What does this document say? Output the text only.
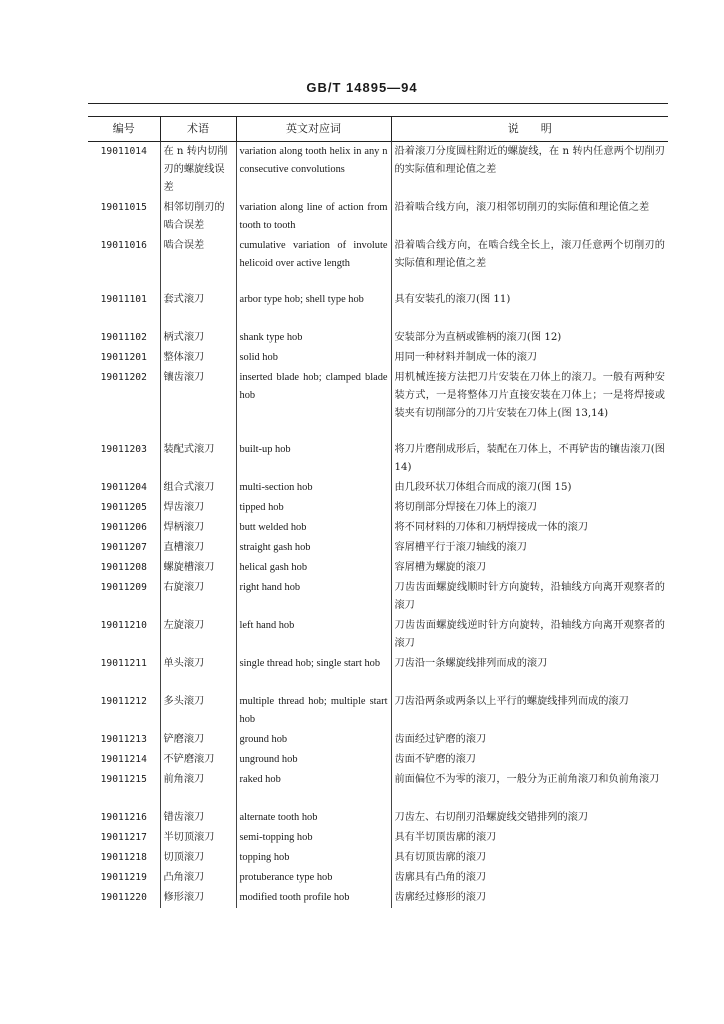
GB/T 14895—94
编号	术语	英文对应词	说　　明
19011014	在 n 转内切削刃的螺旋线误差	variation along tooth helix in any n consecutive convolutions	沿着滚刀分度圆柱附近的螺旋线，在 n 转内任意两个切削刃的实际值和理论值之差
19011015	相邻切削刃的啮合误差	variation along line of action from tooth to tooth	沿着啮合线方向，滚刀相邻切削刃的实际值和理论值之差
19011016	啮合误差	cumulative variation of involute helicoid over active length	沿着啮合线方向，在啮合线全长上，滚刀任意两个切削刃的实际值和理论值之差
19011101	套式滚刀	arbor type hob; shell type hob	具有安装孔的滚刀(图 11)
19011102	柄式滚刀	shank type hob	安装部分为直柄或锥柄的滚刀(图 12)
19011201	整体滚刀	solid hob	用同一种材料并制成一体的滚刀
19011202	镶齿滚刀	inserted blade hob; clamped blade hob	用机械连接方法把刀片安装在刀体上的滚刀。一般有两种安装方式，一是将整体刀片直接安装在刀体上；一是将焊接或装夹有切削部分的刀片安装在刀体上(图 13,14)
19011203	装配式滚刀	built-up hob	将刀片磨削成形后，装配在刀体上，不再铲齿的镶齿滚刀(图 14)
19011204	组合式滚刀	multi-section hob	由几段环状刀体组合而成的滚刀(图 15)
19011205	焊齿滚刀	tipped hob	将切削部分焊接在刀体上的滚刀
19011206	焊柄滚刀	butt welded hob	将不同材料的刀体和刀柄焊接成一体的滚刀
19011207	直槽滚刀	straight gash hob	容屑槽平行于滚刀轴线的滚刀
19011208	螺旋槽滚刀	helical gash hob	容屑槽为螺旋的滚刀
19011209	右旋滚刀	right hand hob	刀齿齿面螺旋线顺时针方向旋转，沿轴线方向离开观察者的滚刀
19011210	左旋滚刀	left hand hob	刀齿齿面螺旋线逆时针方向旋转，沿轴线方向离开观察者的滚刀
19011211	单头滚刀	single thread hob; single start hob	刀齿沿一条螺旋线排列而成的滚刀
19011212	多头滚刀	multiple thread hob; multiple start hob	刀齿沿两条或两条以上平行的螺旋线排列而成的滚刀
19011213	铲磨滚刀	ground hob	齿面经过铲磨的滚刀
19011214	不铲磨滚刀	unground hob	齿面不铲磨的滚刀
19011215	前角滚刀	raked hob	前面偏位不为零的滚刀，一般分为正前角滚刀和负前角滚刀
19011216	错齿滚刀	alternate tooth hob	刀齿左、右切削刃沿螺旋线交错排列的滚刀
19011217	半切顶滚刀	semi-topping hob	具有半切顶齿廓的滚刀
19011218	切顶滚刀	topping hob	具有切顶齿廓的滚刀
19011219	凸角滚刀	protuberance type hob	齿廓具有凸角的滚刀
19011220	修形滚刀	modified tooth profile hob	齿廓经过修形的滚刀
